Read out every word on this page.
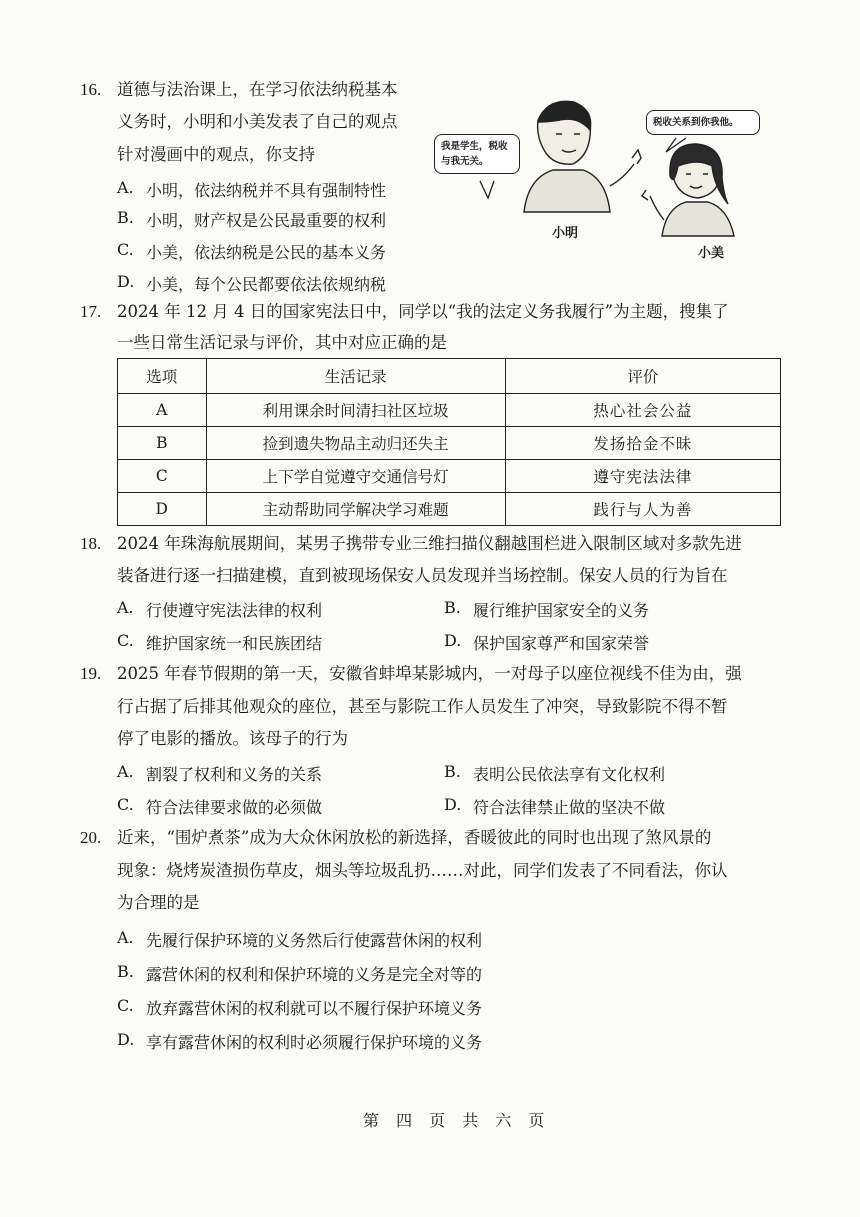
16. 道德与法治课上，在学习依法纳税基本
义务时，小明和小美发表了自己的观点
针对漫画中的观点，你支持
A. 小明，依法纳税并不具有强制特性
B. 小明，财产权是公民最重要的权利
C. 小美，依法纳税是公民的基本义务
D. 小美，每个公民都要依法依规纳税
我是学生，税收与我无关。
税收关系到你我他。
小明
小美
17. 2024 年 12 月 4 日的国家宪法日中，同学以“我的法定义务我履行”为主题，搜集了
一些日常生活记录与评价，其中对应正确的是
选项	生活记录	评价
A	利用课余时间清扫社区垃圾	热心社会公益
B	捡到遗失物品主动归还失主	发扬拾金不昧
C	上下学自觉遵守交通信号灯	遵守宪法法律
D	主动帮助同学解决学习难题	践行与人为善
18. 2024 年珠海航展期间，某男子携带专业三维扫描仪翻越围栏进入限制区域对多款先进
装备进行逐一扫描建模，直到被现场保安人员发现并当场控制。保安人员的行为旨在
A. 行使遵守宪法法律的权利	B. 履行维护国家安全的义务
C. 维护国家统一和民族团结	D. 保护国家尊严和国家荣誉
19. 2025 年春节假期的第一天，安徽省蚌埠某影城内，一对母子以座位视线不佳为由，强
行占据了后排其他观众的座位，甚至与影院工作人员发生了冲突，导致影院不得不暂
停了电影的播放。该母子的行为
A. 割裂了权利和义务的关系	B. 表明公民依法享有文化权利
C. 符合法律要求做的必须做	D. 符合法律禁止做的坚决不做
20. 近来，“围炉煮茶”成为大众休闲放松的新选择，香暖彼此的同时也出现了煞风景的
现象：烧烤炭渣损伤草皮，烟头等垃圾乱扔……对此，同学们发表了不同看法，你认
为合理的是
A. 先履行保护环境的义务然后行使露营休闲的权利
B. 露营休闲的权利和保护环境的义务是完全对等的
C. 放弃露营休闲的权利就可以不履行保护环境义务
D. 享有露营休闲的权利时必须履行保护环境的义务
第 四 页 共 六 页
